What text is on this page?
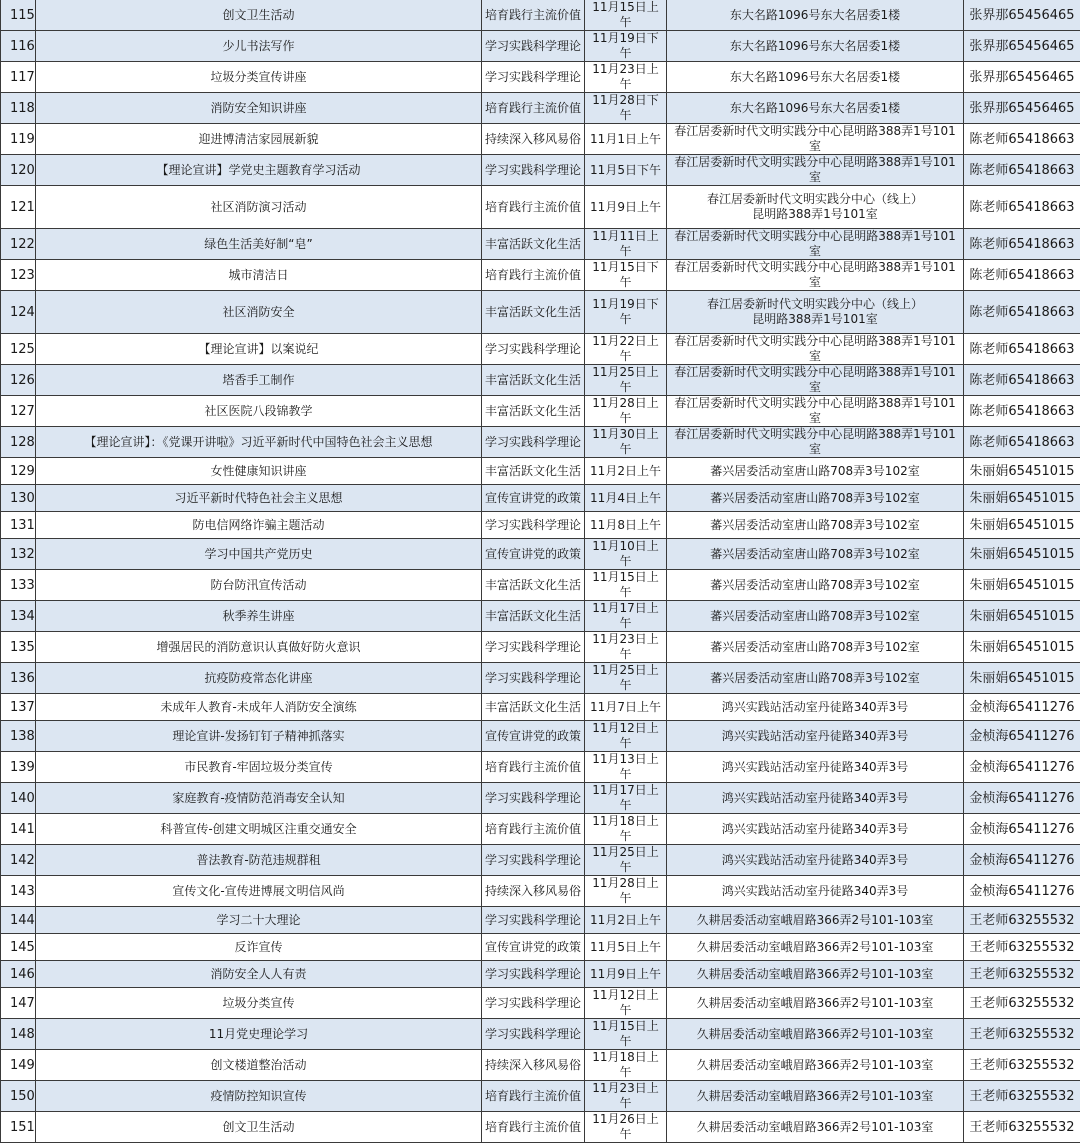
115	创文卫生活动	培育践行主流价值	11月15日上午	东大名路1096号东大名居委1楼	张界那65456465
116	少儿书法写作	学习实践科学理论	11月19日下午	东大名路1096号东大名居委1楼	张界那65456465
117	垃圾分类宣传讲座	学习实践科学理论	11月23日上午	东大名路1096号东大名居委1楼	张界那65456465
118	消防安全知识讲座	培育践行主流价值	11月28日下午	东大名路1096号东大名居委1楼	张界那65456465
119	迎进博清洁家园展新貌	持续深入移风易俗	11月1日上午	春江居委新时代文明实践分中心昆明路388弄1号101室	陈老师65418663
120	【理论宣讲】学党史主题教育学习活动	学习实践科学理论	11月5日下午	春江居委新时代文明实践分中心昆明路388弄1号101室	陈老师65418663
121	社区消防演习活动	培育践行主流价值	11月9日上午	春江居委新时代文明实践分中心（线上）
昆明路388弄1号101室	陈老师65418663
122	绿色生活美好制“皂”	丰富活跃文化生活	11月11日上午	春江居委新时代文明实践分中心昆明路388弄1号101室	陈老师65418663
123	城市清洁日	培育践行主流价值	11月15日下午	春江居委新时代文明实践分中心昆明路388弄1号101室	陈老师65418663
124	社区消防安全	丰富活跃文化生活	11月19日下午	春江居委新时代文明实践分中心（线上）
昆明路388弄1号101室	陈老师65418663
125	【理论宣讲】以案说纪	学习实践科学理论	11月22日上午	春江居委新时代文明实践分中心昆明路388弄1号101室	陈老师65418663
126	塔香手工制作	丰富活跃文化生活	11月25日上午	春江居委新时代文明实践分中心昆明路388弄1号101室	陈老师65418663
127	社区医院八段锦教学	丰富活跃文化生活	11月28日上午	春江居委新时代文明实践分中心昆明路388弄1号101室	陈老师65418663
128	【理论宣讲】：《党课开讲啦》习近平新时代中国特色社会主义思想	学习实践科学理论	11月30日上午	春江居委新时代文明实践分中心昆明路388弄1号101室	陈老师65418663
129	女性健康知识讲座	丰富活跃文化生活	11月2日上午	蕃兴居委活动室唐山路708弄3号102室	朱丽娟65451015
130	习近平新时代特色社会主义思想	宣传宣讲党的政策	11月4日上午	蕃兴居委活动室唐山路708弄3号102室	朱丽娟65451015
131	防电信网络诈骗主题活动	学习实践科学理论	11月8日上午	蕃兴居委活动室唐山路708弄3号102室	朱丽娟65451015
132	学习中国共产党历史	宣传宣讲党的政策	11月10日上午	蕃兴居委活动室唐山路708弄3号102室	朱丽娟65451015
133	防台防汛宣传活动	丰富活跃文化生活	11月15日上午	蕃兴居委活动室唐山路708弄3号102室	朱丽娟65451015
134	秋季养生讲座	丰富活跃文化生活	11月17日上午	蕃兴居委活动室唐山路708弄3号102室	朱丽娟65451015
135	增强居民的消防意识认真做好防火意识	学习实践科学理论	11月23日上午	蕃兴居委活动室唐山路708弄3号102室	朱丽娟65451015
136	抗疫防疫常态化讲座	学习实践科学理论	11月25日上午	蕃兴居委活动室唐山路708弄3号102室	朱丽娟65451015
137	未成年人教育-未成年人消防安全演练	丰富活跃文化生活	11月7日上午	鸿兴实践站活动室丹徒路340弄3号	金桢海65411276
138	理论宣讲-发扬钉钉子精神抓落实	宣传宣讲党的政策	11月12日上午	鸿兴实践站活动室丹徒路340弄3号	金桢海65411276
139	市民教育-牢固垃圾分类宣传	培育践行主流价值	11月13日上午	鸿兴实践站活动室丹徒路340弄3号	金桢海65411276
140	家庭教育-疫情防范消毒安全认知	学习实践科学理论	11月17日上午	鸿兴实践站活动室丹徒路340弄3号	金桢海65411276
141	科普宣传-创建文明城区注重交通安全	培育践行主流价值	11月18日上午	鸿兴实践站活动室丹徒路340弄3号	金桢海65411276
142	普法教育-防范违规群租	学习实践科学理论	11月25日上午	鸿兴实践站活动室丹徒路340弄3号	金桢海65411276
143	宣传文化-宣传进博展文明信风尚	持续深入移风易俗	11月28日上午	鸿兴实践站活动室丹徒路340弄3号	金桢海65411276
144	学习二十大理论	学习实践科学理论	11月2日上午	久耕居委活动室峨眉路366弄2号101-103室	王老师63255532
145	反诈宣传	宣传宣讲党的政策	11月5日上午	久耕居委活动室峨眉路366弄2号101-103室	王老师63255532
146	消防安全人人有责	学习实践科学理论	11月9日上午	久耕居委活动室峨眉路366弄2号101-103室	王老师63255532
147	垃圾分类宣传	学习实践科学理论	11月12日上午	久耕居委活动室峨眉路366弄2号101-103室	王老师63255532
148	11月党史理论学习	学习实践科学理论	11月15日上午	久耕居委活动室峨眉路366弄2号101-103室	王老师63255532
149	创文楼道整治活动	持续深入移风易俗	11月18日上午	久耕居委活动室峨眉路366弄2号101-103室	王老师63255532
150	疫情防控知识宣传	培育践行主流价值	11月23日上午	久耕居委活动室峨眉路366弄2号101-103室	王老师63255532
151	创文卫生活动	培育践行主流价值	11月26日上午	久耕居委活动室峨眉路366弄2号101-103室	王老师63255532
